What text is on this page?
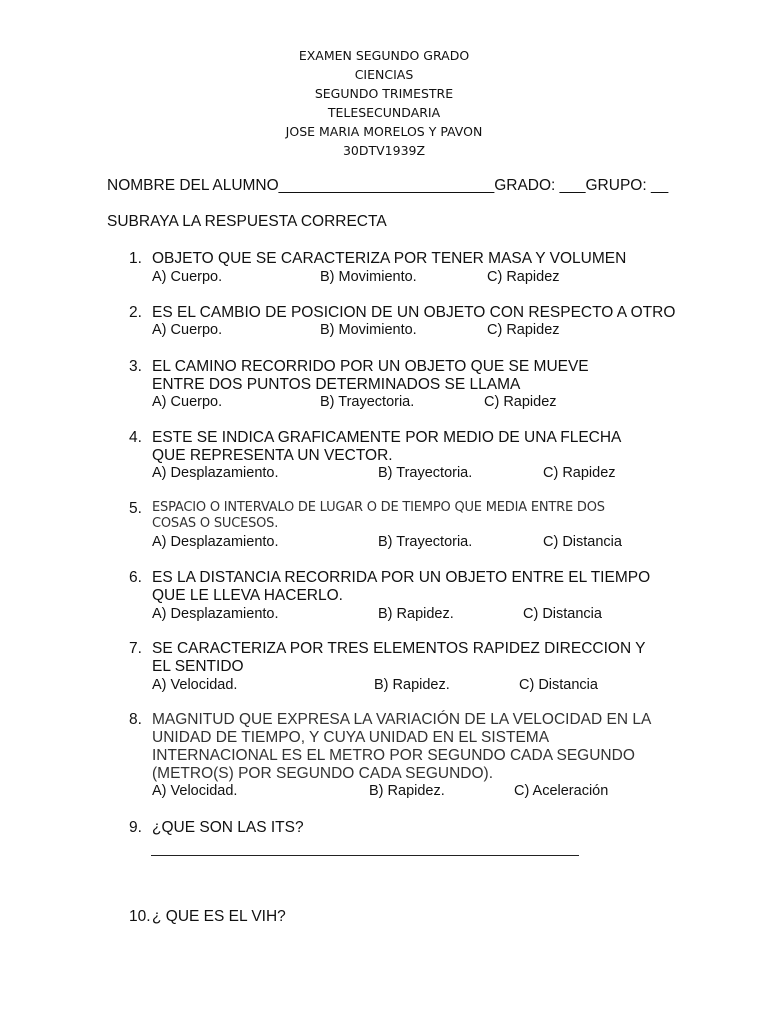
EXAMEN SEGUNDO GRADO
CIENCIAS
SEGUNDO TRIMESTRE
TELESECUNDARIA
JOSE MARIA MORELOS Y PAVON
30DTV1939Z
NOMBRE DEL ALUMNO_________________________GRADO: ___GRUPO: __
SUBRAYA LA RESPUESTA CORRECTA
1. OBJETO QUE SE CARACTERIZA POR TENER MASA Y VOLUMEN
A) Cuerpo.	B) Movimiento.	C) Rapidez
2. ES EL CAMBIO DE POSICION DE UN OBJETO CON RESPECTO A OTRO
A) Cuerpo.	B) Movimiento.	C) Rapidez
3. EL CAMINO RECORRIDO POR UN OBJETO QUE SE MUEVE ENTRE DOS PUNTOS DETERMINADOS SE LLAMA
A) Cuerpo.	B) Trayectoria.	C) Rapidez
4. ESTE SE INDICA GRAFICAMENTE POR MEDIO DE UNA FLECHA QUE REPRESENTA UN VECTOR.
A) Desplazamiento.	B) Trayectoria.	C) Rapidez
5. ESPACIO O INTERVALO DE LUGAR O DE TIEMPO QUE MEDIA ENTRE DOS COSAS O SUCESOS.
A) Desplazamiento.	B) Trayectoria.	C) Distancia
6. ES LA DISTANCIA RECORRIDA POR UN OBJETO ENTRE EL TIEMPO QUE LE LLEVA HACERLO.
A) Desplazamiento.	B) Rapidez.	C) Distancia
7. SE CARACTERIZA POR TRES ELEMENTOS RAPIDEZ DIRECCION Y EL SENTIDO
A) Velocidad.	B) Rapidez.	C) Distancia
8. MAGNITUD QUE EXPRESA LA VARIACIÓN DE LA VELOCIDAD EN LA UNIDAD DE TIEMPO, Y CUYA UNIDAD EN EL SISTEMA INTERNACIONAL ES EL METRO POR SEGUNDO CADA SEGUNDO (METRO(S) POR SEGUNDO CADA SEGUNDO).
A) Velocidad.	B) Rapidez.	C) Aceleración
9. ¿QUE SON LAS ITS?
10. ¿ QUE ES EL VIH?
